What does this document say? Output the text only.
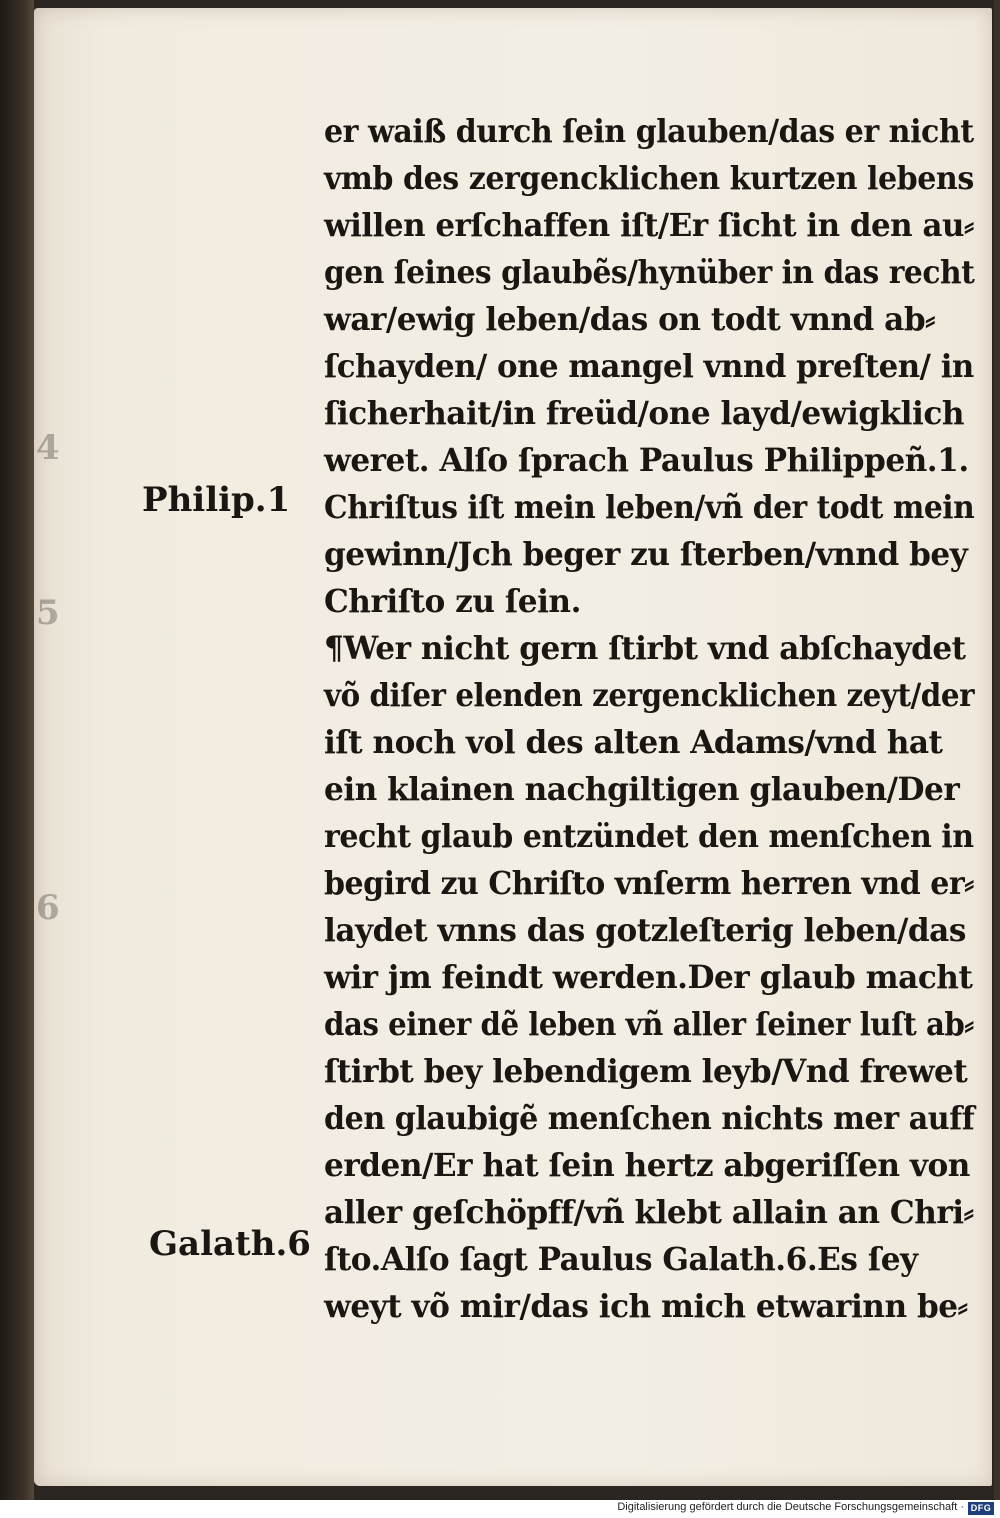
4
5
6
Philip.1
Galath.6
er waiß durch ſein glauben/das er nicht
vmb des zergencklichen kurtzen lebens
willen erſchaffen iſt/Er ſicht in den au⸗
gen ſeines glaubẽs/hynüber in das recht
war/ewig leben/das on todt vnnd ab⸗
ſchayden/ one mangel vnnd preſten/ in
ſicherhait/in freüd/one layd/ewigklich
weret. Alſo ſprach Paulus Philippeñ.1.
Chriſtus iſt mein leben/vñ der todt mein
gewinn/Jch beger zu ſterben/vnnd bey
Chriſto zu ſein.
¶Wer nicht gern ſtirbt vnd abſchaydet
võ diſer elenden zergencklichen zeyt/der
iſt noch vol des alten Adams/vnd hat
ein klainen nachgiltigen glauben/Der
recht glaub entzündet den menſchen in
begird zu Chriſto vnſerm herren vnd er⸗
laydet vnns das gotzleſterig leben/das
wir jm feindt werden.Der glaub macht
das einer dẽ leben vñ aller ſeiner luſt ab⸗
ſtirbt bey lebendigem leyb/Vnd frewet
den glaubigẽ menſchen nichts mer auff
erden/Er hat ſein hertz abgeriſſen von
aller geſchöpff/vñ klebt allain an Chri⸗
ſto.Alſo ſagt Paulus Galath.6.Es ſey
weyt võ mir/das ich mich etwarinn be⸗
Digitalisierung gefördert durch die Deutsche Forschungsgemeinschaft · DFG
